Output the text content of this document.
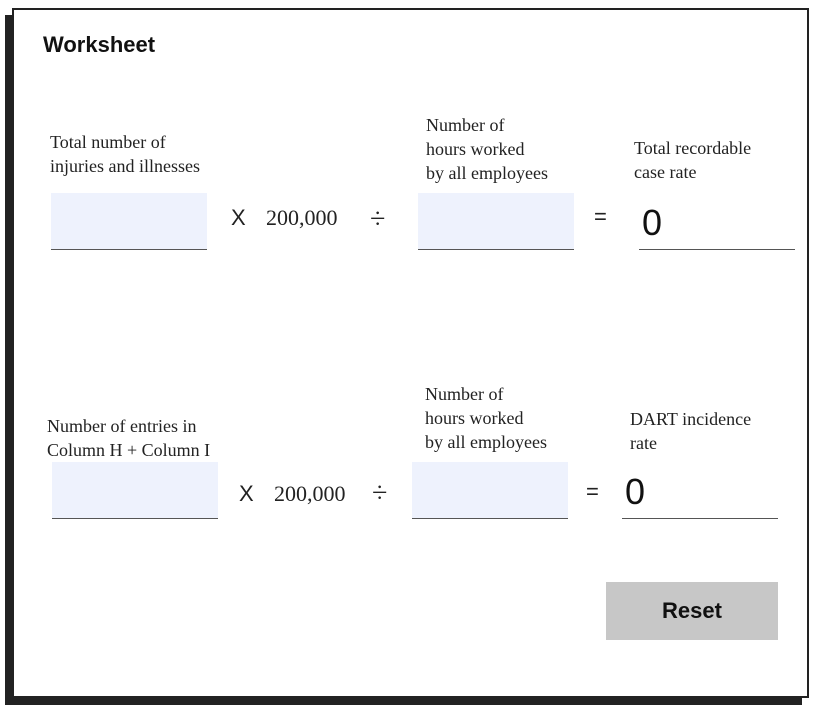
Worksheet
Total number of
injuries and illnesses
Number of
hours worked
by all employees
Total recordable
case rate
X 200,000 ÷	= 0
Number of entries in
Column H + Column I
Number of
hours worked
by all employees
DART incidence
rate
X 200,000 ÷	= 0
Reset
